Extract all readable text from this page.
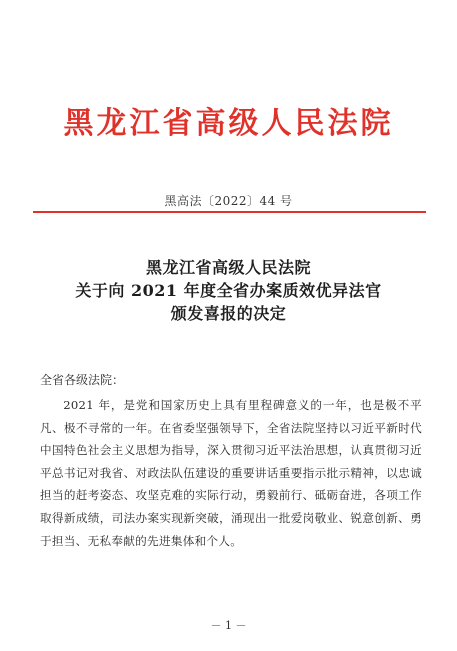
黑龙江省高级人民法院
黑高法〔2022〕44 号
黑龙江省高级人民法院
关于向 2021 年度全省办案质效优异法官
颁发喜报的决定
全省各级法院：
2021 年，是党和国家历史上具有里程碑意义的一年，也是极不平凡、极不寻常的一年。在省委坚强领导下，全省法院坚持以习近平新时代中国特色社会主义思想为指导，深入贯彻习近平法治思想，认真贯彻习近平总书记对我省、对政法队伍建设的重要讲话重要指示批示精神，以忠诚担当的赶考姿态、攻坚克难的实际行动，勇毅前行、砥砺奋进，各项工作取得新成绩，司法办案实现新突破，涌现出一批爱岗敬业、锐意创新、勇于担当、无私奉献的先进集体和个人。
－ 1 －
